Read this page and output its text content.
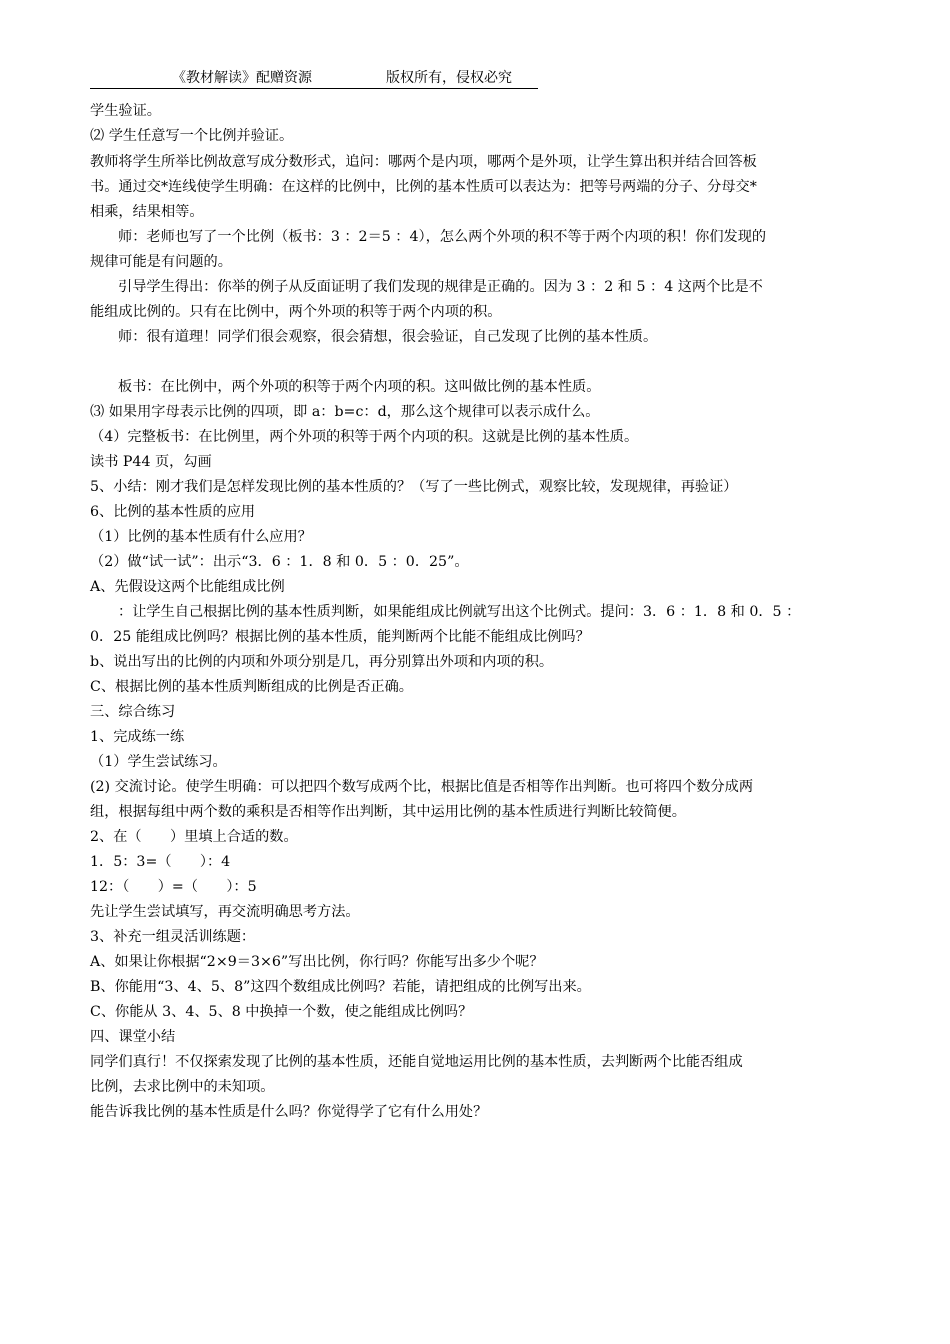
《教材解读》配赠资源	版权所有，侵权必究
学生验证。
⑵ 学生任意写一个比例并验证。
教师将学生所举比例故意写成分数形式，追问：哪两个是内项，哪两个是外项，让学生算出积并结合回答板
书。通过交*连线使学生明确：在这样的比例中，比例的基本性质可以表达为：把等号两端的分子、分母交*
相乘，结果相等。
师：老师也写了一个比例（板书：3 ：2＝5 ：4），怎么两个外项的积不等于两个内项的积！你们发现的
规律可能是有问题的。
引导学生得出：你举的例子从反面证明了我们发现的规律是正确的。因为 3 ：2 和 5 ：4 这两个比是不
能组成比例的。只有在比例中，两个外项的积等于两个内项的积。
师：很有道理！同学们很会观察，很会猜想，很会验证，自己发现了比例的基本性质。
板书：在比例中，两个外项的积等于两个内项的积。这叫做比例的基本性质。
⑶ 如果用字母表示比例的四项，即 a：b=c：d，那么这个规律可以表示成什么。
（4）完整板书：在比例里，两个外项的积等于两个内项的积。这就是比例的基本性质。
读书 P44 页，勾画
5、小结：刚才我们是怎样发现比例的基本性质的？（写了一些比例式，观察比较，发现规律，再验证）
6、比例的基本性质的应用
（1）比例的基本性质有什么应用？
（2）做“试一试”：出示“3．6 ：1．8 和 0．5 ：0．25”。
A、先假设这两个比能组成比例
：让学生自己根据比例的基本性质判断，如果能组成比例就写出这个比例式。提问：3．6 ：1．8 和 0．5 ：
0．25 能组成比例吗？根据比例的基本性质，能判断两个比能不能组成比例吗？
b、说出写出的比例的内项和外项分别是几，再分别算出外项和内项的积。
C、根据比例的基本性质判断组成的比例是否正确。
三、综合练习
1、完成练一练
（1）学生尝试练习。
(2) 交流讨论。使学生明确：可以把四个数写成两个比，根据比值是否相等作出判断。也可将四个数分成两
组，根据每组中两个数的乘积是否相等作出判断，其中运用比例的基本性质进行判断比较简便。
2、在（　　）里填上合适的数。
1．5：3=（　　）：4
12：（　　）=（　　）：5
先让学生尝试填写，再交流明确思考方法。
3、补充一组灵活训练题：
A、如果让你根据“2×9＝3×6”写出比例，你行吗？你能写出多少个呢？
B、你能用“3、4、5、8”这四个数组成比例吗？若能，请把组成的比例写出来。
C、你能从 3、4、5、8 中换掉一个数，使之能组成比例吗？
四、课堂小结
同学们真行！不仅探索发现了比例的基本性质，还能自觉地运用比例的基本性质，去判断两个比能否组成
比例，去求比例中的未知项。
能告诉我比例的基本性质是什么吗？你觉得学了它有什么用处？
